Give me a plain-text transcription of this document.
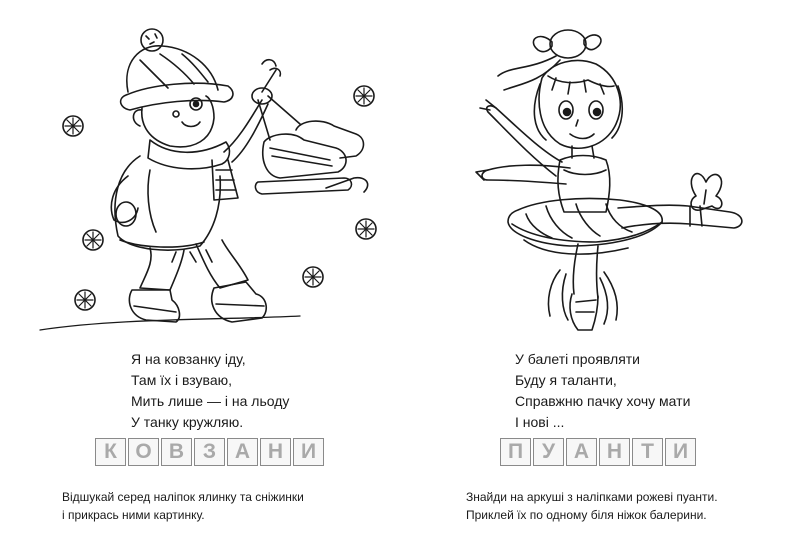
Я на ковзанку іду,
Там їх і взуваю,
Мить лише — і на льоду
У танку кружляю.
К О В З А Н И
Відшукай серед наліпок ялинку та сніжинки
і прикрась ними картинку.
У балеті проявляти
Буду я таланти,
Справжню пачку хочу мати
І нові ...
П У А Н Т И
Знайди на аркуші з наліпками рожеві пуанти.
Приклей їх по одному біля ніжок балерини.
